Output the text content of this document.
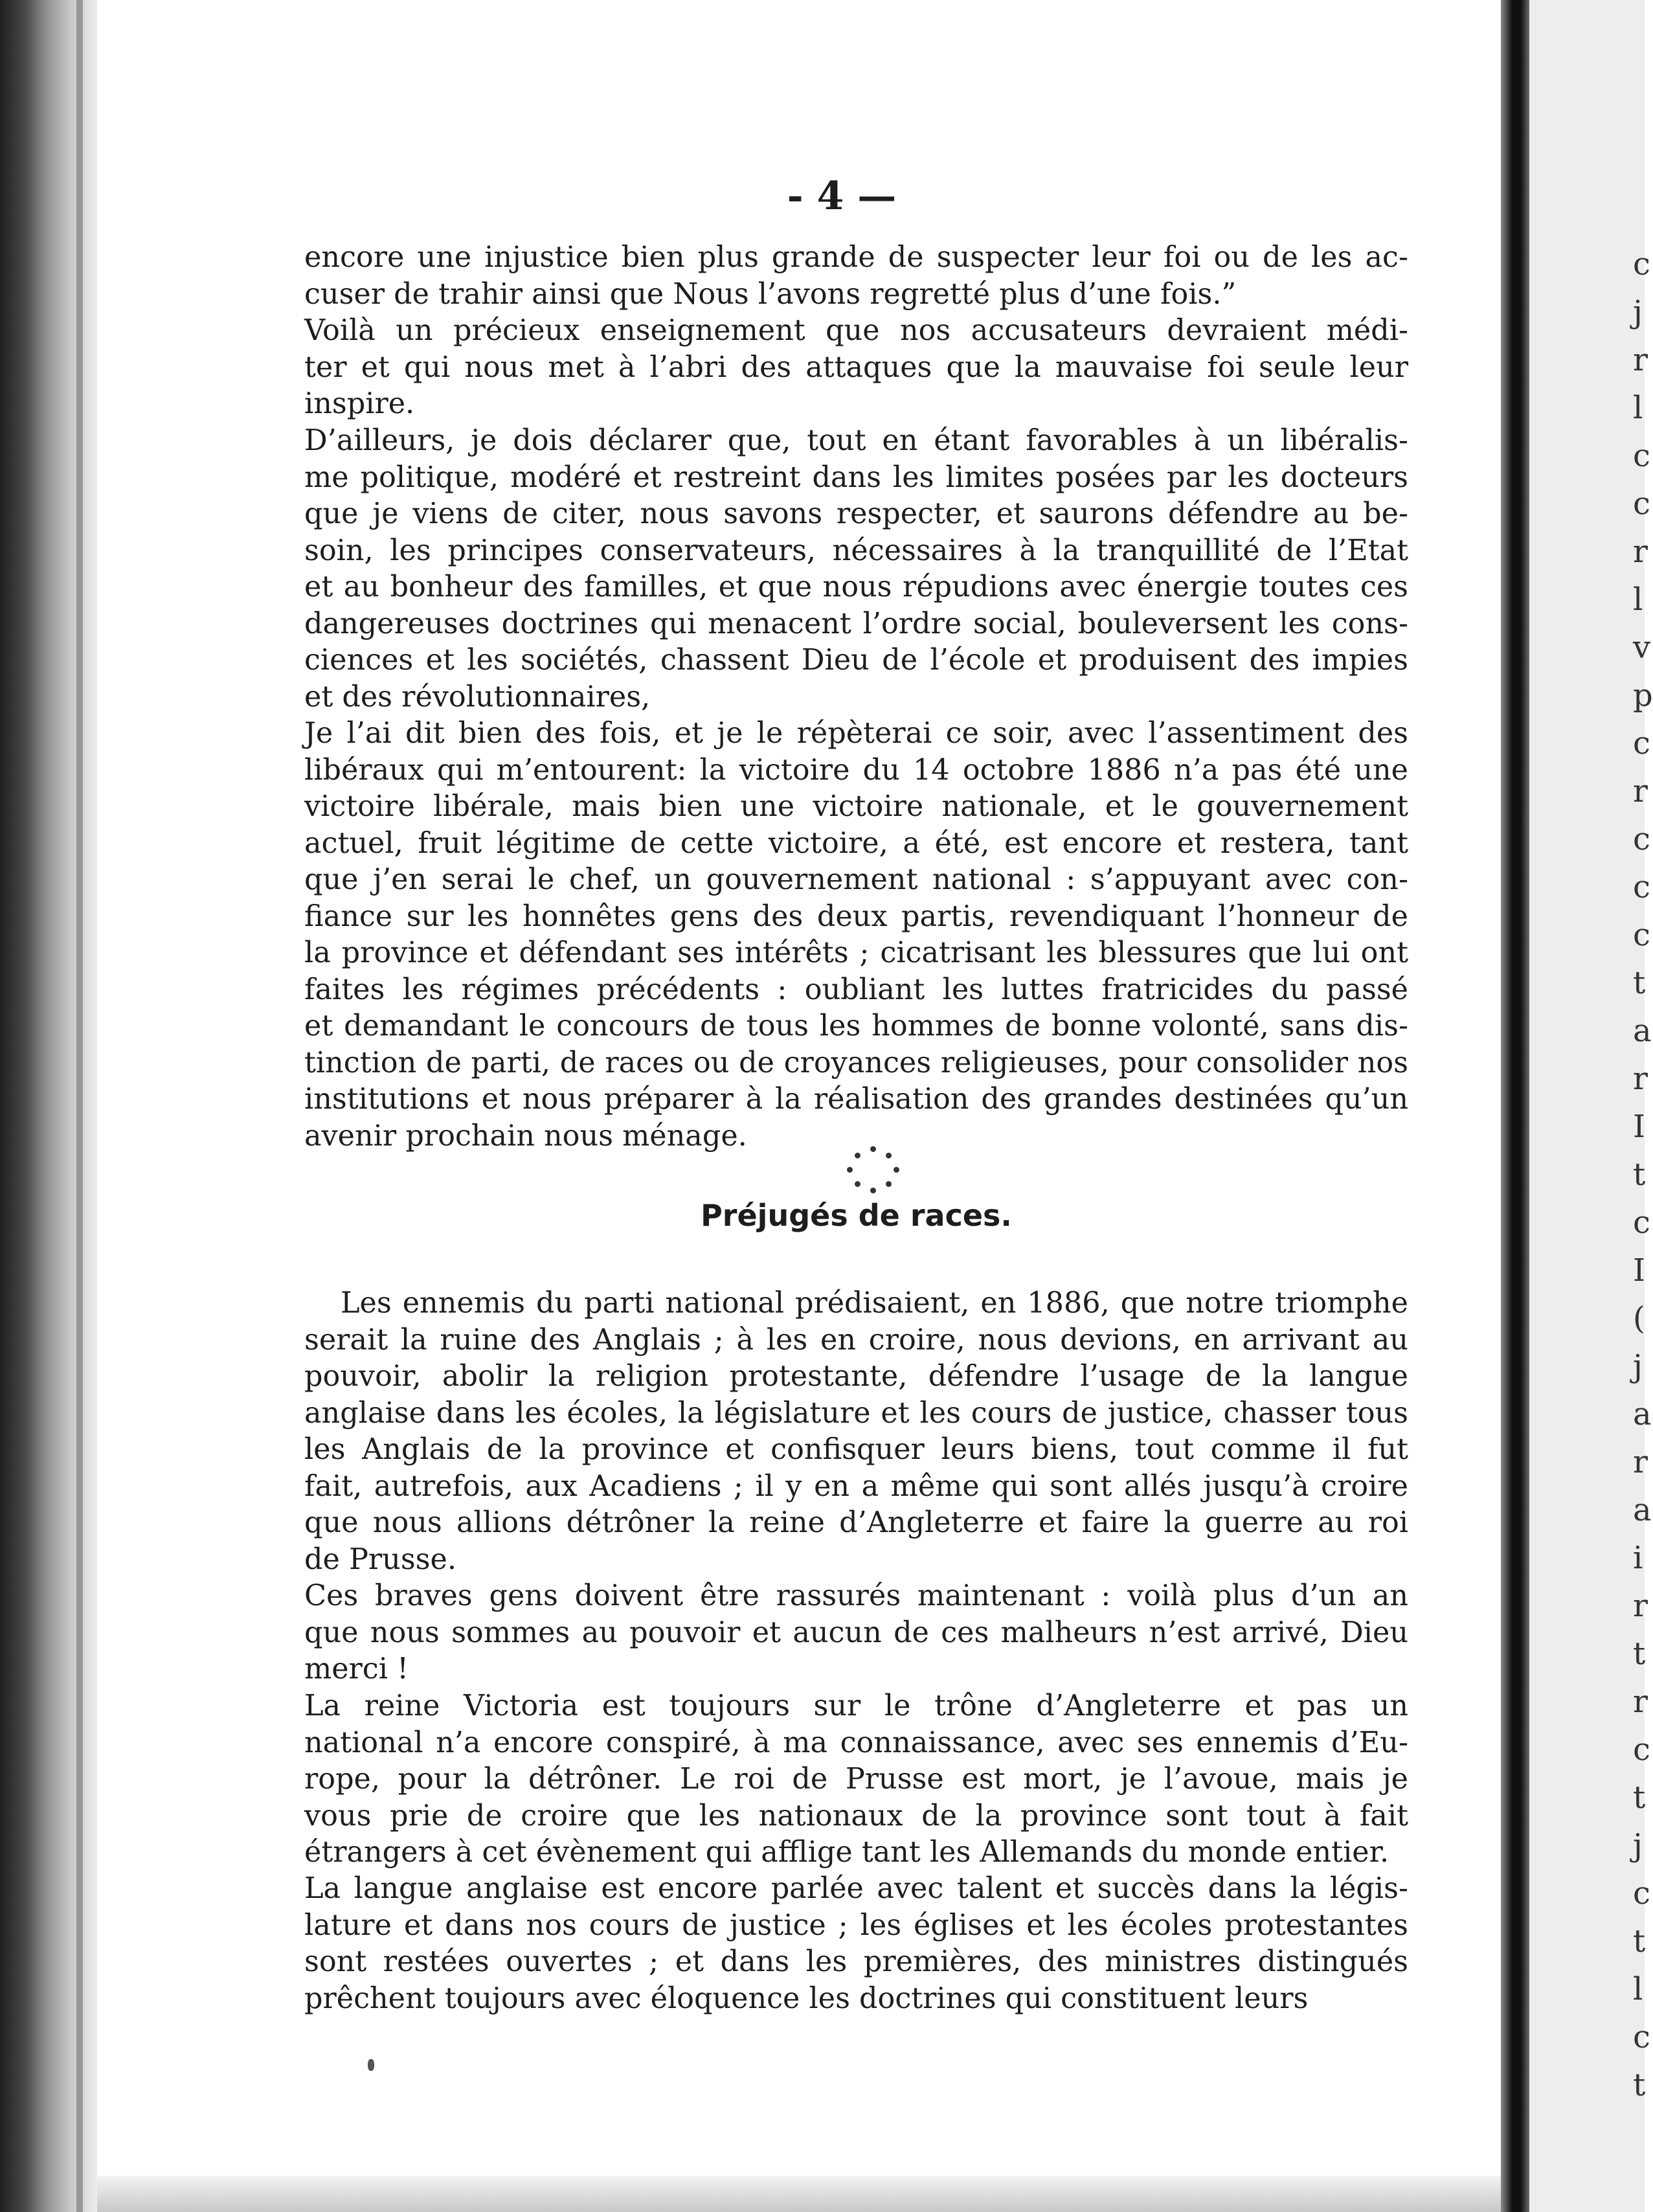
c
j
r
l
c
c
r
l
v
p
c
r
c
c
c
t
a
r
I
t
c
I
(
j
a
r
a
i
r
t
r
c
t
j
c
t
l
c
t
- 4 —
encore une injustice bien plus grande de suspecter leur foi ou de les ac-
cuser de trahir ainsi que Nous l’avons regretté plus d’une fois.”
Voilà un précieux enseignement que nos accusateurs devraient médi-
ter et qui nous met à l’abri des attaques que la mauvaise foi seule leur
inspire.
D’ailleurs, je dois déclarer que, tout en étant favorables à un libéralis-
me politique, modéré et restreint dans les limites posées par les docteurs
que je viens de citer, nous savons respecter, et saurons défendre au be-
soin, les principes conservateurs, nécessaires à la tranquillité de l’Etat
et au bonheur des familles, et que nous répudions avec énergie toutes ces
dangereuses doctrines qui menacent l’ordre social, bouleversent les cons-
ciences et les sociétés, chassent Dieu de l’école et produisent des impies
et des révolutionnaires,
Je l’ai dit bien des fois, et je le répèterai ce soir, avec l’assentiment des
libéraux qui m’entourent: la victoire du 14 octobre 1886 n’a pas été une
victoire libérale, mais bien une victoire nationale, et le gouvernement
actuel, fruit légitime de cette victoire, a été, est encore et restera, tant
que j’en serai le chef, un gouvernement national : s’appuyant avec con-
fiance sur les honnêtes gens des deux partis, revendiquant l’honneur de
la province et défendant ses intérêts ; cicatrisant les blessures que lui ont
faites les régimes précédents : oubliant les luttes fratricides du passé
et demandant le concours de tous les hommes de bonne volonté, sans dis-
tinction de parti, de races ou de croyances religieuses, pour consolider nos
institutions et nous préparer à la réalisation des grandes destinées qu’un
avenir prochain nous ménage.
Préjugés de races.
Les ennemis du parti national prédisaient, en 1886, que notre triomphe
serait la ruine des Anglais ; à les en croire, nous devions, en arrivant au
pouvoir, abolir la religion protestante, défendre l’usage de la langue
anglaise dans les écoles, la législature et les cours de justice, chasser tous
les Anglais de la province et confisquer leurs biens, tout comme il fut
fait, autrefois, aux Acadiens ; il y en a même qui sont allés jusqu’à croire
que nous allions détrôner la reine d’Angleterre et faire la guerre au roi
de Prusse.
Ces braves gens doivent être rassurés maintenant : voilà plus d’un an
que nous sommes au pouvoir et aucun de ces malheurs n’est arrivé, Dieu
merci !
La reine Victoria est toujours sur le trône d’Angleterre et pas un
national n’a encore conspiré, à ma connaissance, avec ses ennemis d’Eu-
rope, pour la détrôner. Le roi de Prusse est mort, je l’avoue, mais je
vous prie de croire que les nationaux de la province sont tout à fait
étrangers à cet évènement qui afflige tant les Allemands du monde entier.
La langue anglaise est encore parlée avec talent et succès dans la légis-
lature et dans nos cours de justice ; les églises et les écoles protestantes
sont restées ouvertes ; et dans les premières, des ministres distingués
prêchent toujours avec éloquence les doctrines qui constituent leurs
